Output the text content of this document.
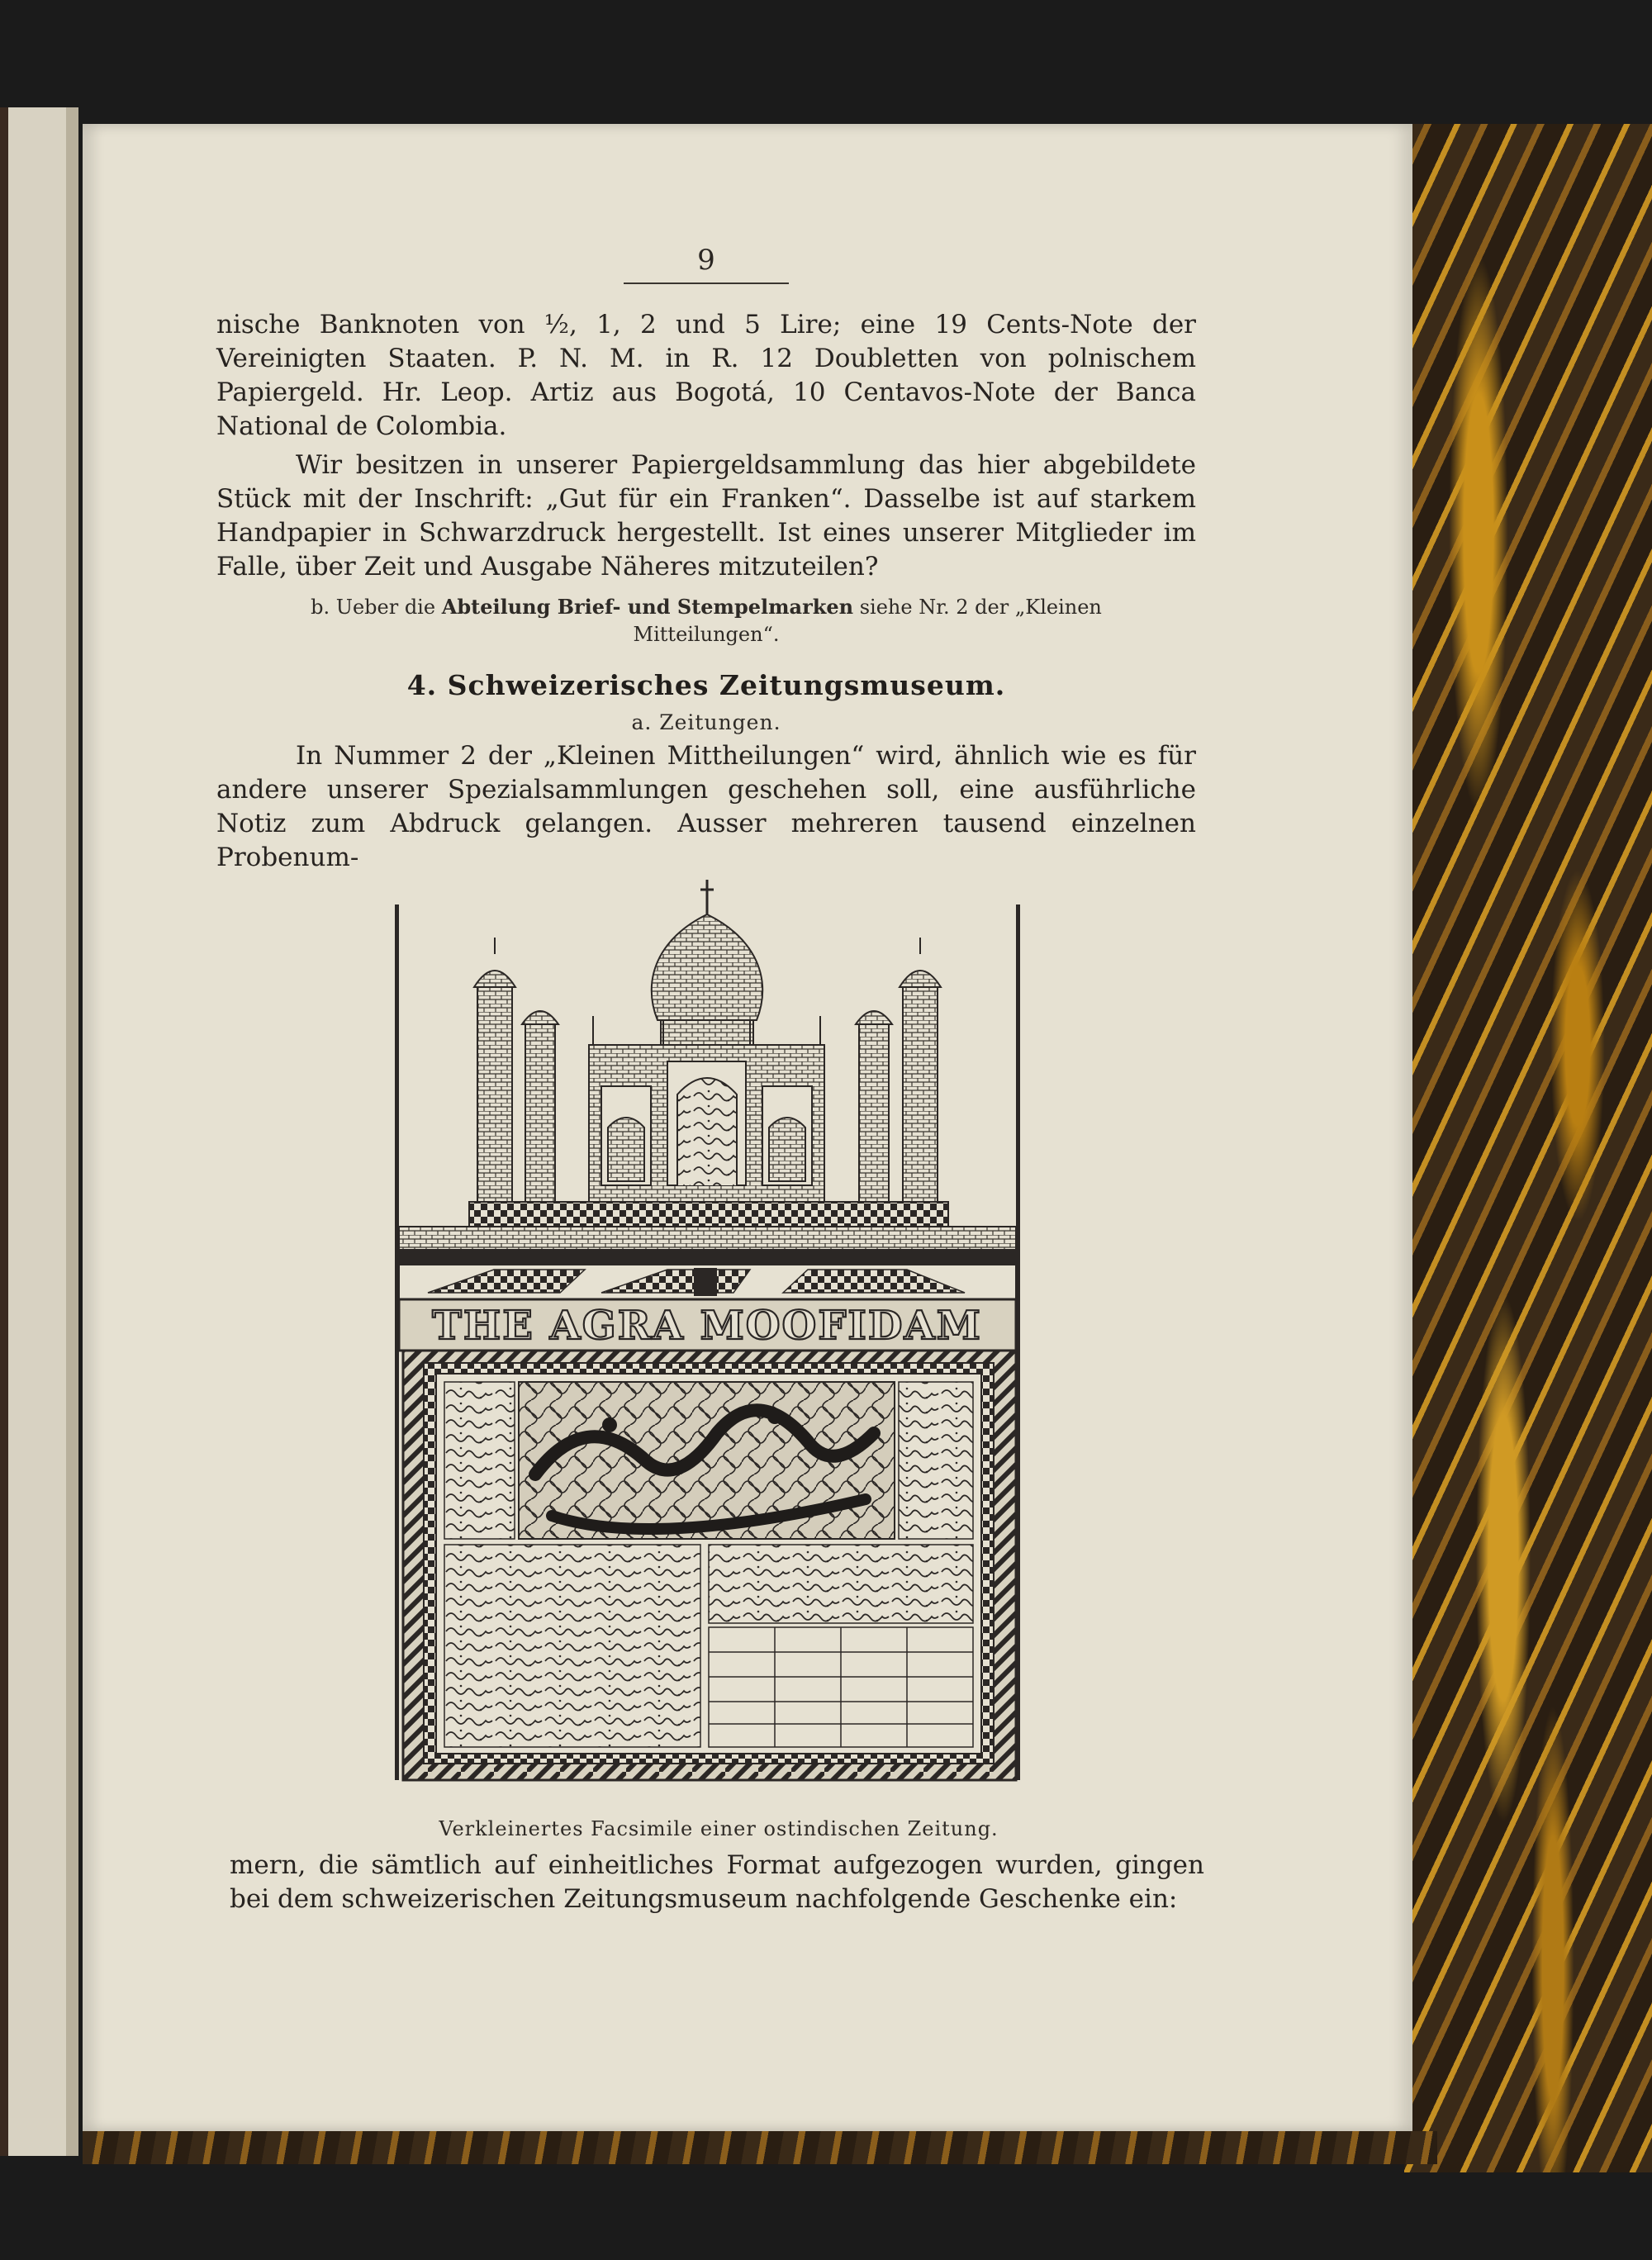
9
nische Banknoten von ½, 1, 2 und 5 Lire; eine 19 Cents-Note der Vereinigten Staaten. P. N. M. in R. 12 Doubletten von polnischem Papiergeld. Hr. Leop. Artiz aus Bogotá, 10 Centavos-Note der Banca National de Colombia.
Wir besitzen in unserer Papiergeldsammlung das hier abgebildete Stück mit der Inschrift: „Gut für ein Franken“. Dasselbe ist auf starkem Handpapier in Schwarzdruck hergestellt. Ist eines unserer Mitglieder im Falle, über Zeit und Ausgabe Näheres mitzuteilen?
b. Ueber die Abteilung Brief- und Stempelmarken siehe Nr. 2 der „Kleinen Mitteilungen“.
4. Schweizerisches Zeitungsmuseum.
a. Zeitungen.
In Nummer 2 der „Kleinen Mittheilungen“ wird, ähnlich wie es für andere unserer Spezialsammlungen geschehen soll, eine ausführliche Notiz zum Abdruck gelangen. Ausser mehreren tausend einzelnen Probenum-
THE AGRA MOOFIDAM
Verkleinertes Facsimile einer ostindischen Zeitung.
mern, die sämtlich auf einheitliches Format aufgezogen wurden, gingen bei dem schweizerischen Zeitungsmuseum nachfolgende Geschenke ein:
